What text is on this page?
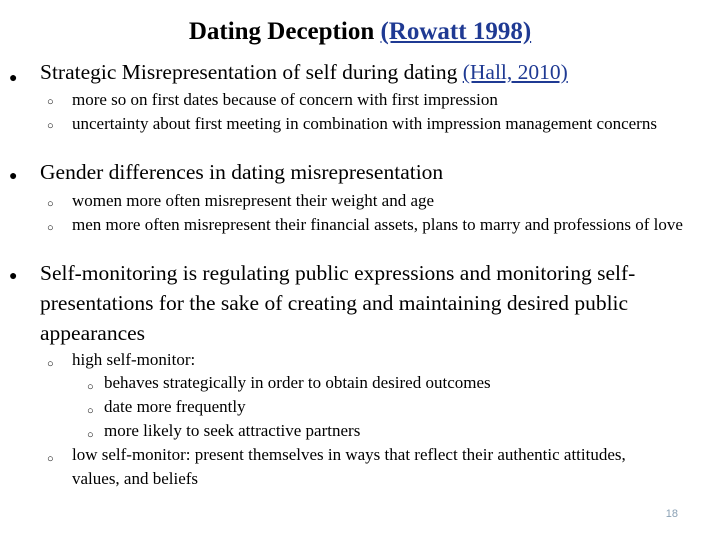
Dating Deception (Rowatt 1998)
● Strategic Misrepresentation of self during dating (Hall, 2010)
○ more so on first dates because of concern with first impression
○ uncertainty about first meeting in combination with impression management concerns
● Gender differences in dating misrepresentation
○ women more often misrepresent their weight and age
○ men more often misrepresent their financial assets, plans to marry and professions of love
● Self-monitoring is regulating public expressions and monitoring self-presentations for the sake of creating and maintaining desired public appearances
○ high self-monitor:
○ behaves strategically in order to obtain desired outcomes
○ date more frequently
○ more likely to seek attractive partners
○ low self-monitor: present themselves in ways that reflect their authentic attitudes, values, and beliefs
18
